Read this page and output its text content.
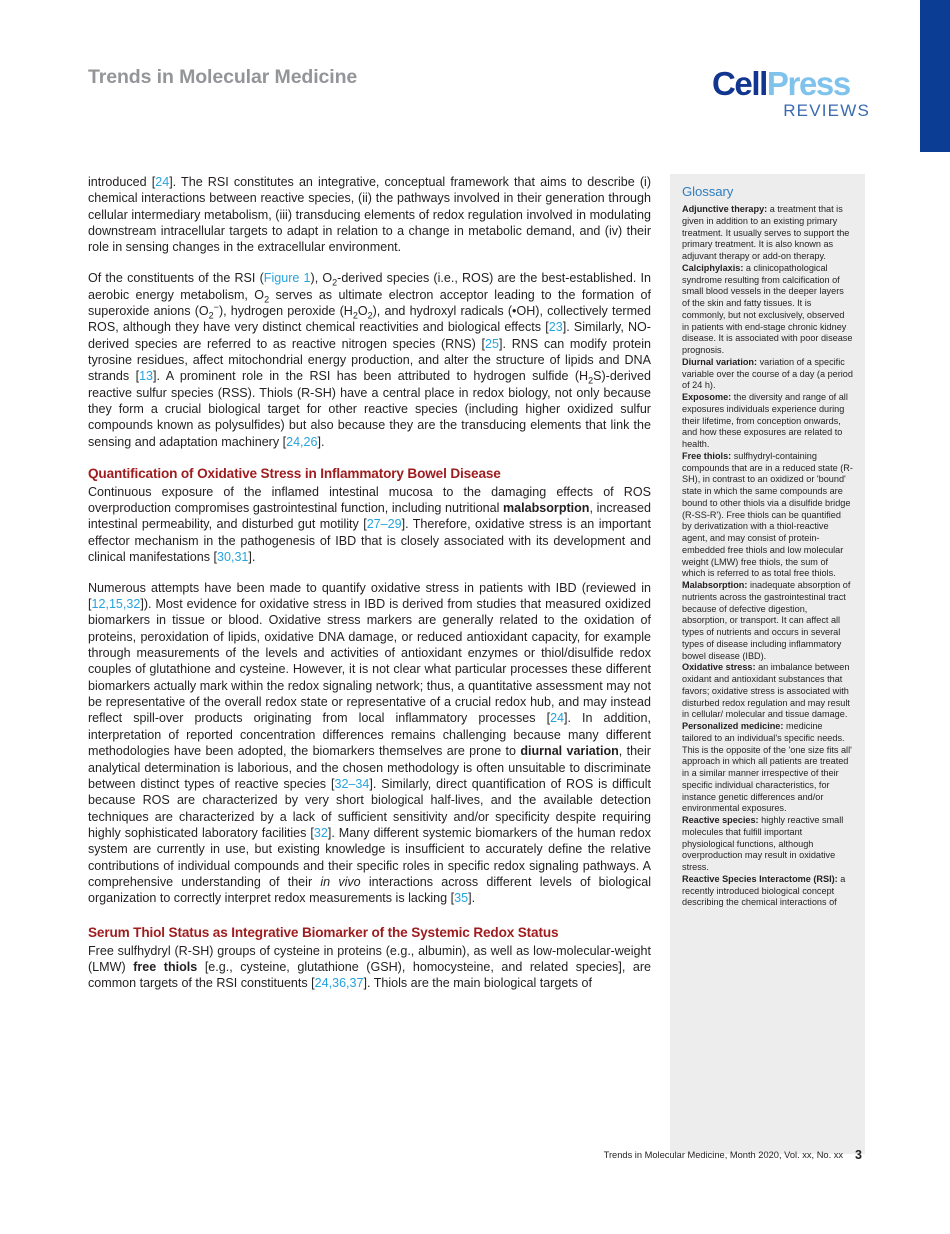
Trends in Molecular Medicine	CellPress
REVIEWS

introduced [24]. The RSI constitutes an integrative, conceptual framework that aims to describe (i) chemical interactions between reactive species, (ii) the pathways involved in their generation through cellular intermediary metabolism, (iii) transducing elements of redox regulation involved in modulating downstream intracellular targets to adapt in relation to a change in metabolic demand, and (iv) their role in sensing changes in the extracellular environment.

Of the constituents of the RSI (Figure 1), $O_2$-derived species (i.e., ROS) are the best-established. In aerobic energy metabolism, $O_2$ serves as ultimate electron acceptor leading to the formation of superoxide anions $(O_2^-)$, hydrogen peroxide $(H_2O_2)$, and hydroxyl radicals (•OH), collectively termed ROS, although they have very distinct chemical reactivities and biological effects [23]. Similarly, NO-derived species are referred to as reactive nitrogen species (RNS) [25]. RNS can modify protein tyrosine residues, affect mitochondrial energy production, and alter the structure of lipids and DNA strands [13]. A prominent role in the RSI has been attributed to hydrogen sulfide $(H_2S)$-derived reactive sulfur species (RSS). Thiols (R-SH) have a central place in redox biology, not only because they form a crucial biological target for other reactive species (including higher oxidized sulfur compounds known as polysulfides) but also because they are the transducing elements that link the sensing and adaptation machinery [24,26].

Quantification of Oxidative Stress in Inflammatory Bowel Disease

Continuous exposure of the inflamed intestinal mucosa to the damaging effects of ROS overproduction compromises gastrointestinal function, including nutritional malabsorption, increased intestinal permeability, and disturbed gut motility [27–29]. Therefore, oxidative stress is an important effector mechanism in the pathogenesis of IBD that is closely associated with its development and clinical manifestations [30,31].

Numerous attempts have been made to quantify oxidative stress in patients with IBD (reviewed in [12,15,32]). Most evidence for oxidative stress in IBD is derived from studies that measured oxidized biomarkers in tissue or blood. Oxidative stress markers are generally related to the oxidation of proteins, peroxidation of lipids, oxidative DNA damage, or reduced antioxidant capacity, for example through measurements of the levels and activities of antioxidant enzymes or thiol/disulfide redox couples of glutathione and cysteine. However, it is not clear what particular processes these different biomarkers actually mark within the redox signaling network; thus, a quantitative assessment may not be representative of the overall redox state or representative of a crucial redox hub, and may instead reflect spill-over products originating from local inflammatory processes [24]. In addition, interpretation of reported concentration differences remains challenging because many different methodologies have been adopted, the biomarkers themselves are prone to diurnal variation, their analytical determination is laborious, and the chosen methodology is often unsuitable to discriminate between distinct types of reactive species [32–34]. Similarly, direct quantification of ROS is difficult because ROS are characterized by very short biological half-lives, and the available detection techniques are characterized by a lack of sufficient sensitivity and/or specificity despite requiring highly sophisticated laboratory facilities [32]. Many different systemic biomarkers of the human redox system are currently in use, but existing knowledge is insufficient to accurately define the relative contributions of individual compounds and their specific roles in specific redox signaling pathways. A comprehensive understanding of their in vivo interactions across different levels of biological organization to correctly interpret redox measurements is lacking [35].

Serum Thiol Status as Integrative Biomarker of the Systemic Redox Status

Free sulfhydryl (R-SH) groups of cysteine in proteins (e.g., albumin), as well as low-molecular-weight (LMW) free thiols [e.g., cysteine, glutathione (GSH), homocysteine, and related species], are common targets of the RSI constituents [24,36,37]. Thiols are the main biological targets of

Glossary

Adjunctive therapy: a treatment that is given in addition to an existing primary treatment. It usually serves to support the primary treatment. It is also known as adjuvant therapy or add-on therapy.

Calciphylaxis: a clinicopathological syndrome resulting from calcification of small blood vessels in the deeper layers of the skin and fatty tissues. It is commonly, but not exclusively, observed in patients with end-stage chronic kidney disease. It is associated with poor disease prognosis.

Diurnal variation: variation of a specific variable over the course of a day (a period of 24 h).

Exposome: the diversity and range of all exposures individuals experience during their lifetime, from conception onwards, and how these exposures are related to health.

Free thiols: sulfhydryl-containing compounds that are in a reduced state (R-SH), in contrast to an oxidized or 'bound' state in which the same compounds are bound to other thiols via a disulfide bridge (R-SS-R'). Free thiols can be quantified by derivatization with a thiol-reactive agent, and may consist of protein-embedded free thiols and low molecular weight (LMW) free thiols, the sum of which is referred to as total free thiols.

Malabsorption: inadequate absorption of nutrients across the gastrointestinal tract because of defective digestion, absorption, or transport. It can affect all types of nutrients and occurs in several types of disease including inflammatory bowel disease (IBD).

Oxidative stress: an imbalance between oxidant and antioxidant substances that favors; oxidative stress is associated with disturbed redox regulation and may result in cellular/ molecular and tissue damage.

Personalized medicine: medicine tailored to an individual's specific needs. This is the opposite of the 'one size fits all' approach in which all patients are treated in a similar manner irrespective of their specific individual characteristics, for instance genetic differences and/or environmental exposures.

Reactive species: highly reactive small molecules that fulfill important physiological functions, although overproduction may result in oxidative stress.

Reactive Species Interactome (RSI): a recently introduced biological concept describing the chemical interactions of

Trends in Molecular Medicine, Month 2020, Vol. xx, No. xx 3
